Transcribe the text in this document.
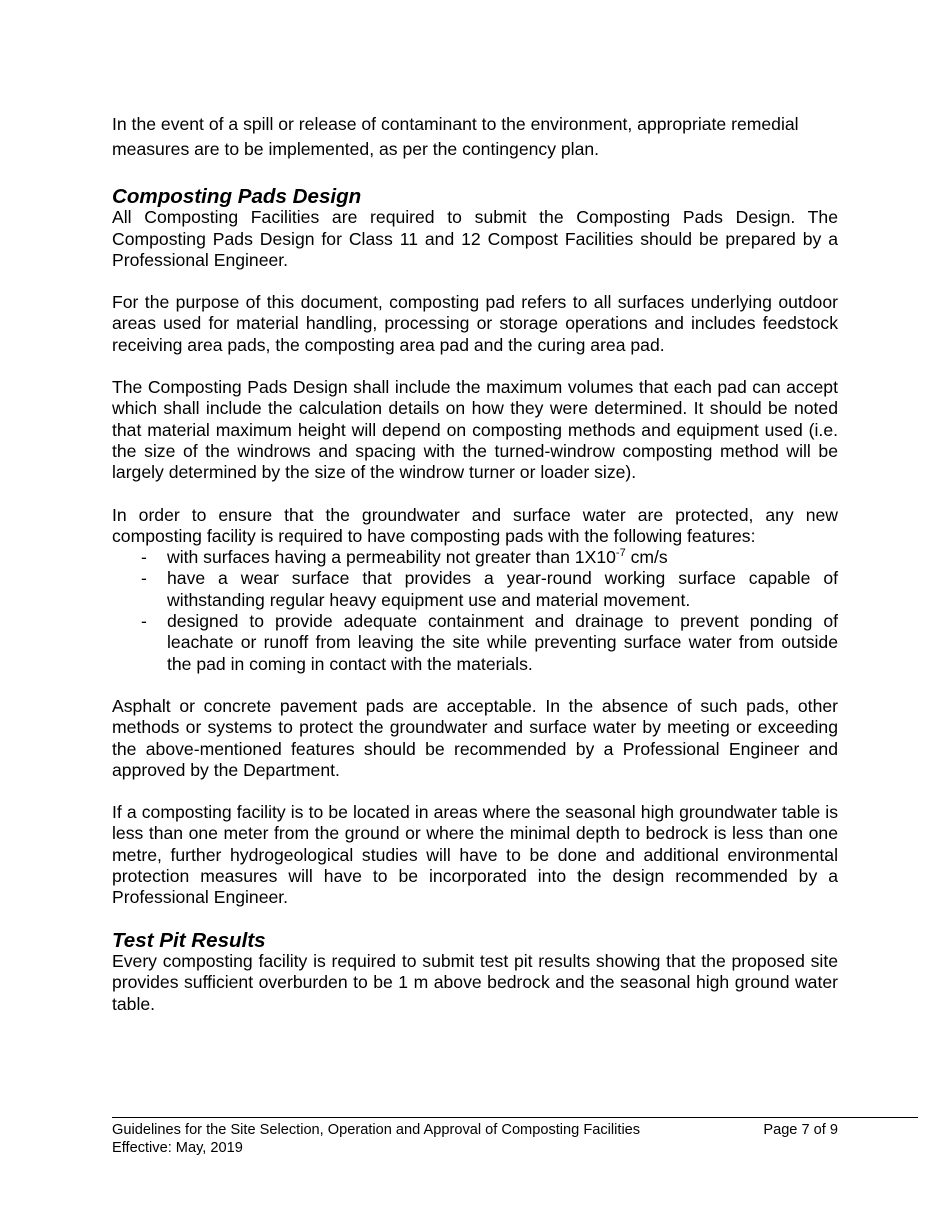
In the event of a spill or release of contaminant to the environment, appropriate remedial measures are to be implemented, as per the contingency plan.

Composting Pads Design

All Composting Facilities are required to submit the Composting Pads Design. The Composting Pads Design for Class 11 and 12 Compost Facilities should be prepared by a Professional Engineer.

For the purpose of this document, composting pad refers to all surfaces underlying outdoor areas used for material handling, processing or storage operations and includes feedstock receiving area pads, the composting area pad and the curing area pad.

The Composting Pads Design shall include the maximum volumes that each pad can accept which shall include the calculation details on how they were determined. It should be noted that material maximum height will depend on composting methods and equipment used (i.e. the size of the windrows and spacing with the turned-windrow composting method will be largely determined by the size of the windrow turner or loader size).

In order to ensure that the groundwater and surface water are protected, any new composting facility is required to have composting pads with the following features:

- with surfaces having a permeability not greater than $1X10^{-7}$ cm/s
- have a wear surface that provides a year-round working surface capable of withstanding regular heavy equipment use and material movement.
- designed to provide adequate containment and drainage to prevent ponding of leachate or runoff from leaving the site while preventing surface water from outside the pad in coming in contact with the materials.

Asphalt or concrete pavement pads are acceptable. In the absence of such pads, other methods or systems to protect the groundwater and surface water by meeting or exceeding the above-mentioned features should be recommended by a Professional Engineer and approved by the Department.

If a composting facility is to be located in areas where the seasonal high groundwater table is less than one meter from the ground or where the minimal depth to bedrock is less than one metre, further hydrogeological studies will have to be done and additional environmental protection measures will have to be incorporated into the design recommended by a Professional Engineer.

Test Pit Results

Every composting facility is required to submit test pit results showing that the proposed site provides sufficient overburden to be 1 m above bedrock and the seasonal high ground water table.

Guidelines for the Site Selection, Operation and Approval of Composting Facilities	Page 7 of 9
Effective: May, 2019
